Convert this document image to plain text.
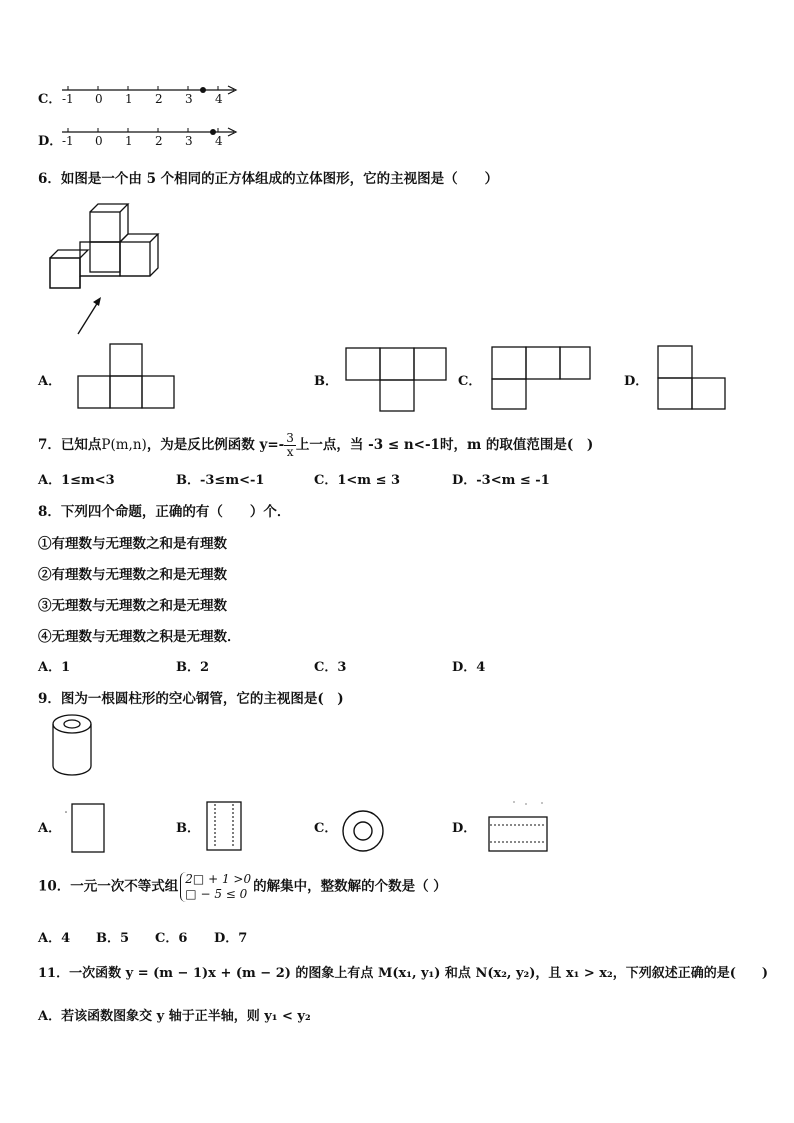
C． -1 0 1 2 3 4
D． -1 0 1 2 3 4
6．如图是一个由 5 个相同的正方体组成的立体图形，它的主视图是（　　）
A．	B．	C．	D．
7．已知点P(m,n)，为是反比例函数 $y=- \frac{3}{x}$ 上一点，当 -3 ≤ n<-1时，m 的取值范围是(　)
A．1≤m<3	B．-3≤m<-1	C．1<m ≤ 3	D．-3<m ≤ -1
8．下列四个命题，正确的有（　　）个．
①有理数与无理数之和是有理数
②有理数与无理数之和是无理数
③无理数与无理数之和是无理数
④无理数与无理数之积是无理数．
A．1	B．2	C．3	D．4
9．图为一根圆柱形的空心钢管，它的主视图是(　)
A．	B．	C．	D．
10．一元一次不等式组 2□ + 1 >0
□ − 5 ≤ 0 的解集中，整数解的个数是（ ）
A．4 B．5 C．6 D．7
11．一次函数 y = (m − 1)x + (m − 2) 的图象上有点 M(x₁, y₁) 和点 N(x₂, y₂)，且 x₁ > x₂，下列叙述正确的是(　　)
A．若该函数图象交 y 轴于正半轴，则 y₁ < y₂
